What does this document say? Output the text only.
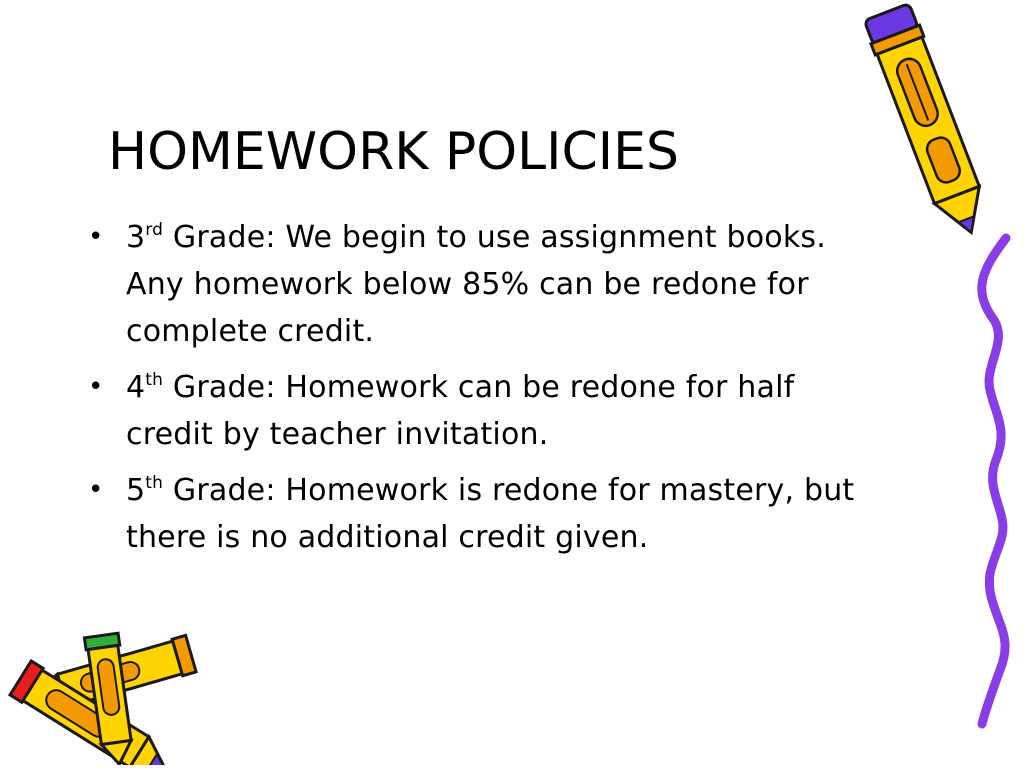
HOMEWORK POLICIES
• 3rd Grade: We begin to use assignment books. Any homework below 85% can be redone for complete credit.
• 4th Grade: Homework can be redone for half credit by teacher invitation.
• 5th Grade: Homework is redone for mastery, but there is no additional credit given.
